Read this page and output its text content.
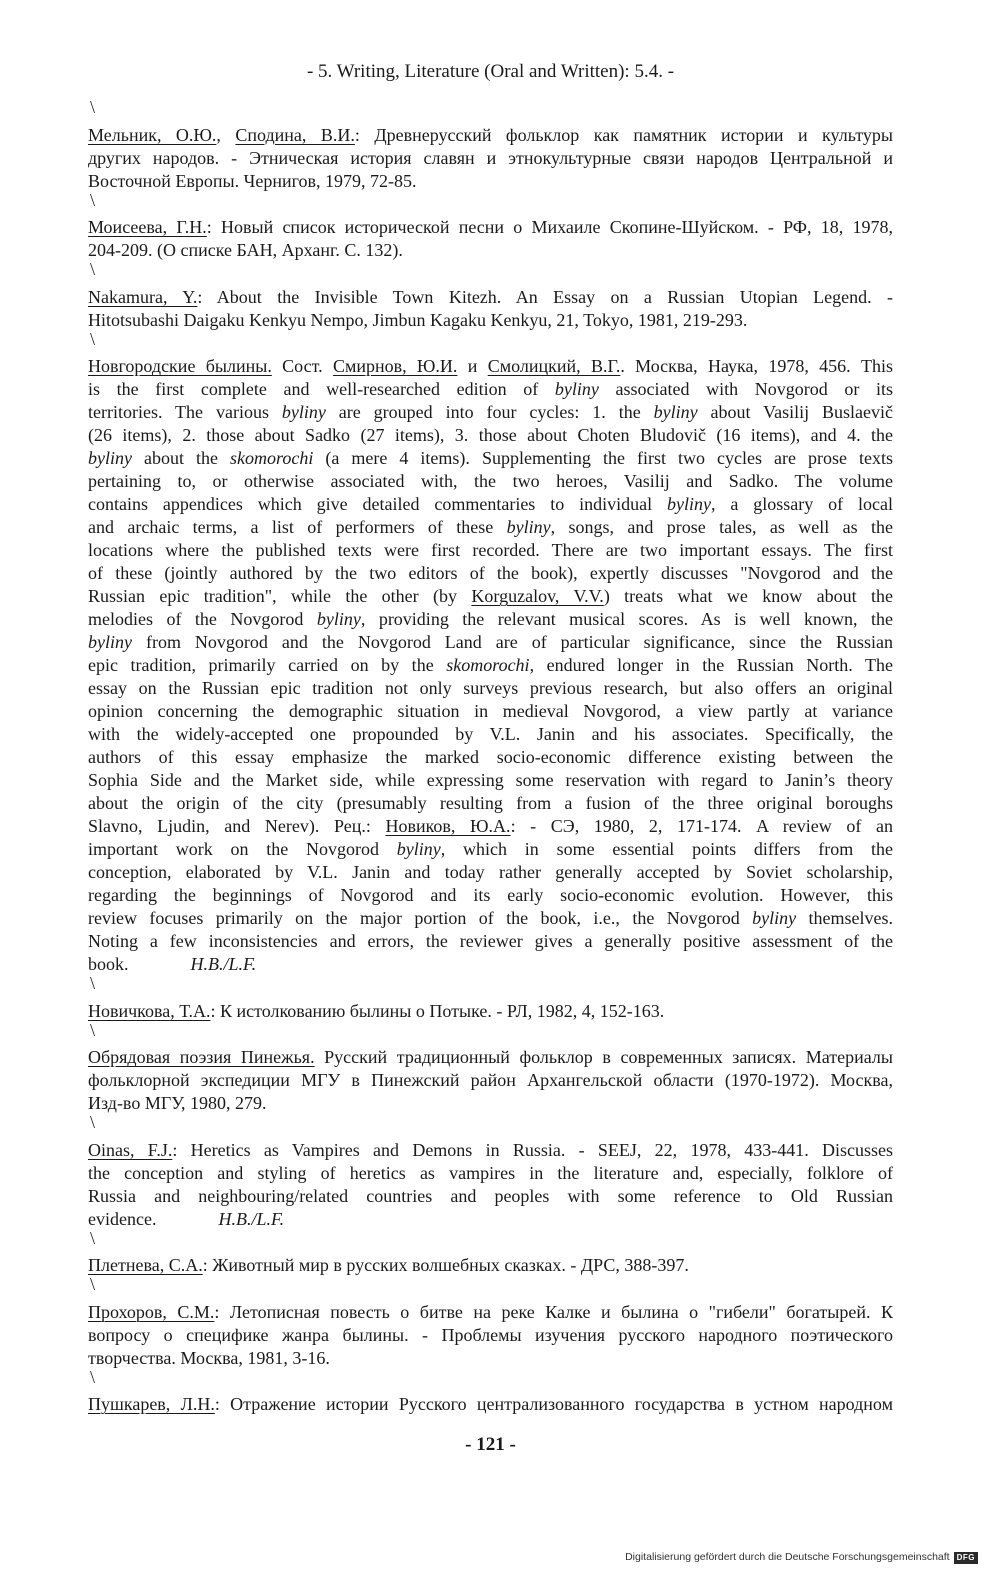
- 5. Writing, Literature (Oral and Written): 5.4. -
\
Мельник, О.Ю., Сподина, В.И.: Древнерусский фольклор как памятник истории и культуры
других народов. - Этническая история славян и этнокультурные связи народов Центральной и
Восточной Европы. Чернигов, 1979, 72-85.
\
Моисеева, Г.Н.: Новый список исторической песни о Михаиле Скопине-Шуйском. - РФ, 18, 1978,
204-209. (О списке БАН, Арханг. С. 132).
\
Nakamura, Y.: About the Invisible Town Kitezh. An Essay on a Russian Utopian Legend. -
Hitotsubashi Daigaku Kenkyu Nempo, Jimbun Kagaku Kenkyu, 21, Tokyo, 1981, 219-293.
\
Новгородские былины. Сост. Смирнов, Ю.И. и Смолицкий, В.Г.. Москва, Наука, 1978, 456. This
is the first complete and well-researched edition of byliny associated with Novgorod or its
territories. The various byliny are grouped into four cycles: 1. the byliny about Vasilij Buslaevič
(26 items), 2. those about Sadko (27 items), 3. those about Choten Bludovič (16 items), and 4. the
byliny about the skomorochi (a mere 4 items). Supplementing the first two cycles are prose texts
pertaining to, or otherwise associated with, the two heroes, Vasilij and Sadko. The volume
contains appendices which give detailed commentaries to individual byliny, a glossary of local
and archaic terms, a list of performers of these byliny, songs, and prose tales, as well as the
locations where the published texts were first recorded. There are two important essays. The first
of these (jointly authored by the two editors of the book), expertly discusses "Novgorod and the
Russian epic tradition", while the other (by Korguzalov, V.V.) treats what we know about the
melodies of the Novgorod byliny, providing the relevant musical scores. As is well known, the
byliny from Novgorod and the Novgorod Land are of particular significance, since the Russian
epic tradition, primarily carried on by the skomorochi, endured longer in the Russian North. The
essay on the Russian epic tradition not only surveys previous research, but also offers an original
opinion concerning the demographic situation in medieval Novgorod, a view partly at variance
with the widely-accepted one propounded by V.L. Janin and his associates. Specifically, the
authors of this essay emphasize the marked socio-economic difference existing between the
Sophia Side and the Market side, while expressing some reservation with regard to Janin’s theory
about the origin of the city (presumably resulting from a fusion of the three original boroughs
Slavno, Ljudin, and Nerev). Рец.: Новиков, Ю.А.: - СЭ, 1980, 2, 171-174. A review of an
important work on the Novgorod byliny, which in some essential points differs from the
conception, elaborated by V.L. Janin and today rather generally accepted by Soviet scholarship,
regarding the beginnings of Novgorod and its early socio-economic evolution. However, this
review focuses primarily on the major portion of the book, i.e., the Novgorod byliny themselves.
Noting a few inconsistencies and errors, the reviewer gives a generally positive assessment of the
book.	H.B./L.F.
\
Новичкова, Т.А.: К истолкованию былины о Потыке. - РЛ, 1982, 4, 152-163.
\
Обрядовая поэзия Пинежья. Русский традиционный фольклор в современных записях. Материалы
фольклорной экспедиции МГУ в Пинежский район Архангельской области (1970-1972). Москва,
Изд-во МГУ, 1980, 279.
\
Oinas, F.J.: Heretics as Vampires and Demons in Russia. - SEEJ, 22, 1978, 433-441. Discusses
the conception and styling of heretics as vampires in the literature and, especially, folklore of
Russia and neighbouring/related countries and peoples with some reference to Old Russian
evidence.	H.B./L.F.
\
Плетнева, С.А.: Животный мир в русских волшебных сказках. - ДРС, 388-397.
\
Прохоров, С.М.: Летописная повесть о битве на реке Калке и былина о "гибели" богатырей. К
вопросу о специфике жанра былины. - Проблемы изучения русского народного поэтического
творчества. Москва, 1981, 3-16.
\
Пушкарев, Л.Н.: Отражение истории Русского централизованного государства в устном народном
- 121 -
Digitalisierung gefördert durch die Deutsche Forschungsgemeinschaft DFG
